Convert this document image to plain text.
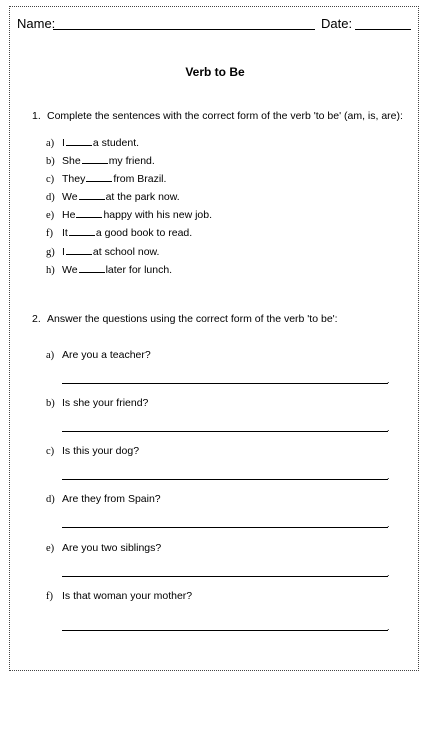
Name:	Date:
Verb to Be
1. Complete the sentences with the correct form of the verb 'to be' (am, is, are):
a) I	a student.
b) She	my friend.
c) They	from Brazil.
d) We	at the park now.
e) He	happy with his new job.
f) It	a good book to read.
g) I	at school now.
h) We	later for lunch.
2. Answer the questions using the correct form of the verb 'to be':
a) Are you a teacher?
.
b) Is she your friend?
.
c) Is this your dog?
.
d) Are they from Spain?
.
e) Are you two siblings?
.
f) Is that woman your mother?
.
